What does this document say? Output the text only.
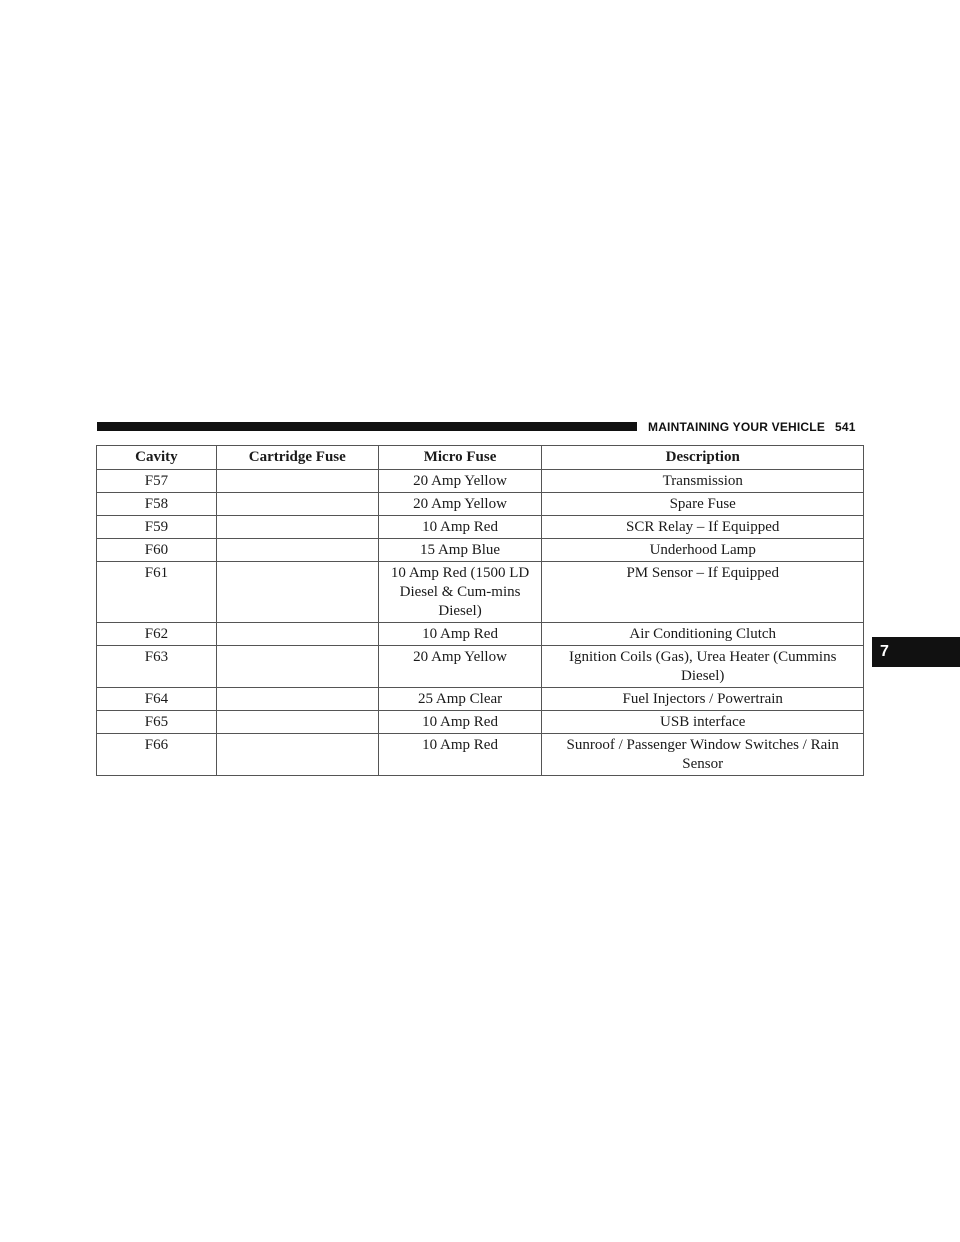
MAINTAINING YOUR VEHICLE 541
7
Cavity	Cartridge Fuse	Micro Fuse	Description
F57		20 Amp Yellow	Transmission
F58		20 Amp Yellow	Spare Fuse
F59		10 Amp Red	SCR Relay – If Equipped
F60		15 Amp Blue	Underhood Lamp
F61		10 Amp Red (1500 LD Diesel & Cum-mins Diesel)	PM Sensor – If Equipped
F62		10 Amp Red	Air Conditioning Clutch
F63		20 Amp Yellow	Ignition Coils (Gas), Urea Heater (Cummins Diesel)
F64		25 Amp Clear	Fuel Injectors / Powertrain
F65		10 Amp Red	USB interface
F66		10 Amp Red	Sunroof / Passenger Window Switches / Rain Sensor
